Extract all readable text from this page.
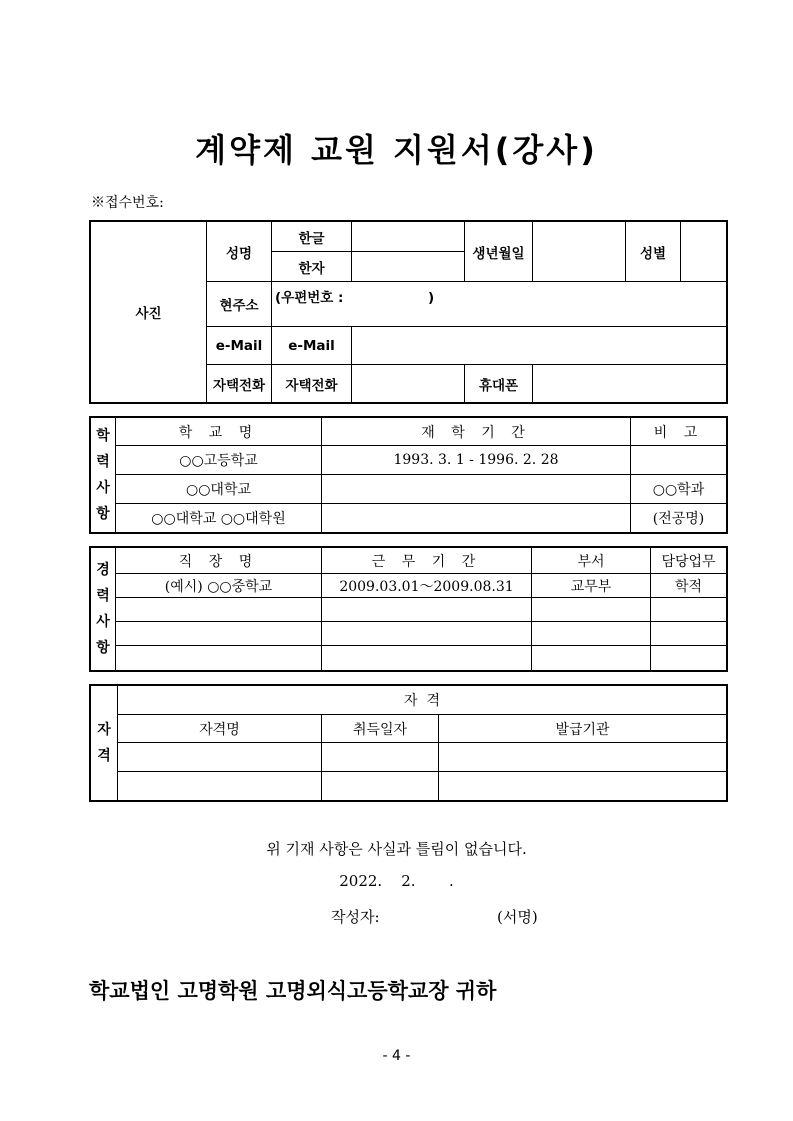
계약제 교원 지원서(강사)
※접수번호:
사진	성명	한글		생년월일		성별	
		한자					
	현주소	(우편번호 :                  )					
	e-Mail	e-Mail					
	자택전화	자택전화		휴대폰			
학력사항	학 교 명	재 학 기 간	비 고
	○○고등학교	1993. 3. 1 - 1996. 2. 28	
	○○대학교		○○학과
	○○대학교 ○○대학원		(전공명)
경력사항	직 장 명	근 무 기 간	부서	담당업무
	(예시) ○○중학교	2009.03.01～2009.08.31	교무부	학적

자격	자  격		
	자격명	취득일자	발급기관

위 기재 사항은 사실과 틀림이 없습니다.
2022.    2.       .
작성자:	(서명)
학교법인 고명학원 고명외식고등학교장 귀하
- 4 -
